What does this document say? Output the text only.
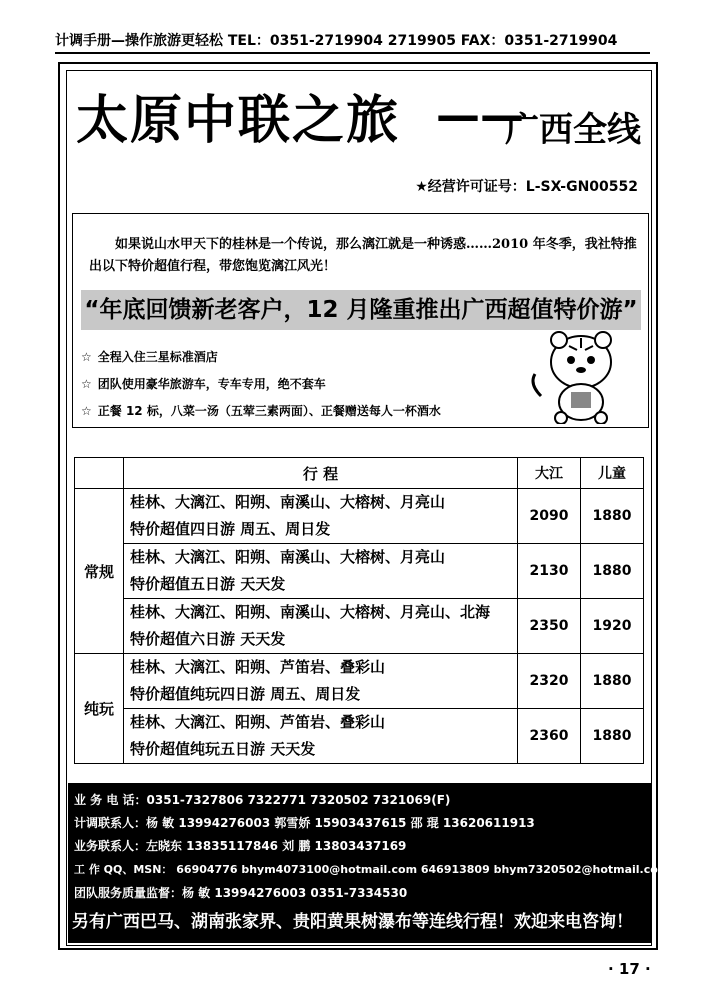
计调手册—操作旅游更轻松 TEL：0351-2719904 2719905 FAX：0351-2719904
太原中联之旅 ——
广西全线
★经营许可证号：L-SX-GN00552
如果说山水甲天下的桂林是一个传说，那么漓江就是一种诱惑……2010 年冬季，我社特推出以下特价超值行程，带您饱览漓江风光！
“年底回馈新老客户，12 月隆重推出广西超值特价游”
☆ 全程入住三星标准酒店
☆ 团队使用豪华旅游车，专车专用，绝不套车
☆ 正餐 12 标，八菜一汤（五荤三素两面）、正餐赠送每人一杯酒水
	行 程	大江	儿童
常规	桂林、大漓江、阳朔、南溪山、大榕树、月亮山
特价超值四日游 周五、周日发	2090	1880

	桂林、大漓江、阳朔、南溪山、大榕树、月亮山
特价超值五日游 天天发	2130	1880

	桂林、大漓江、阳朔、南溪山、大榕树、月亮山、北海
特价超值六日游 天天发	2350	1920
纯玩	桂林、大漓江、阳朔、芦笛岩、叠彩山
特价超值纯玩四日游 周五、周日发	2320	1880

	桂林、大漓江、阳朔、芦笛岩、叠彩山
特价超值纯玩五日游 天天发	2360	1880
业 务 电 话：0351-7327806 7322771 7320502 7321069(F)
计调联系人：杨 敏 13994276003 郭雪娇 15903437615 邵 琨 13620611913
业务联系人：左晓东 13835117846 刘 鹏 13803437169
工 作 QQ、MSN： 66904776 bhym4073100@hotmail.com 646913809 bhym7320502@hotmail.com
团队服务质量监督：杨 敏 13994276003 0351-7334530
另有广西巴马、湖南张家界、贵阳黄果树瀑布等连线行程！欢迎来电咨询！
· 17 ·
